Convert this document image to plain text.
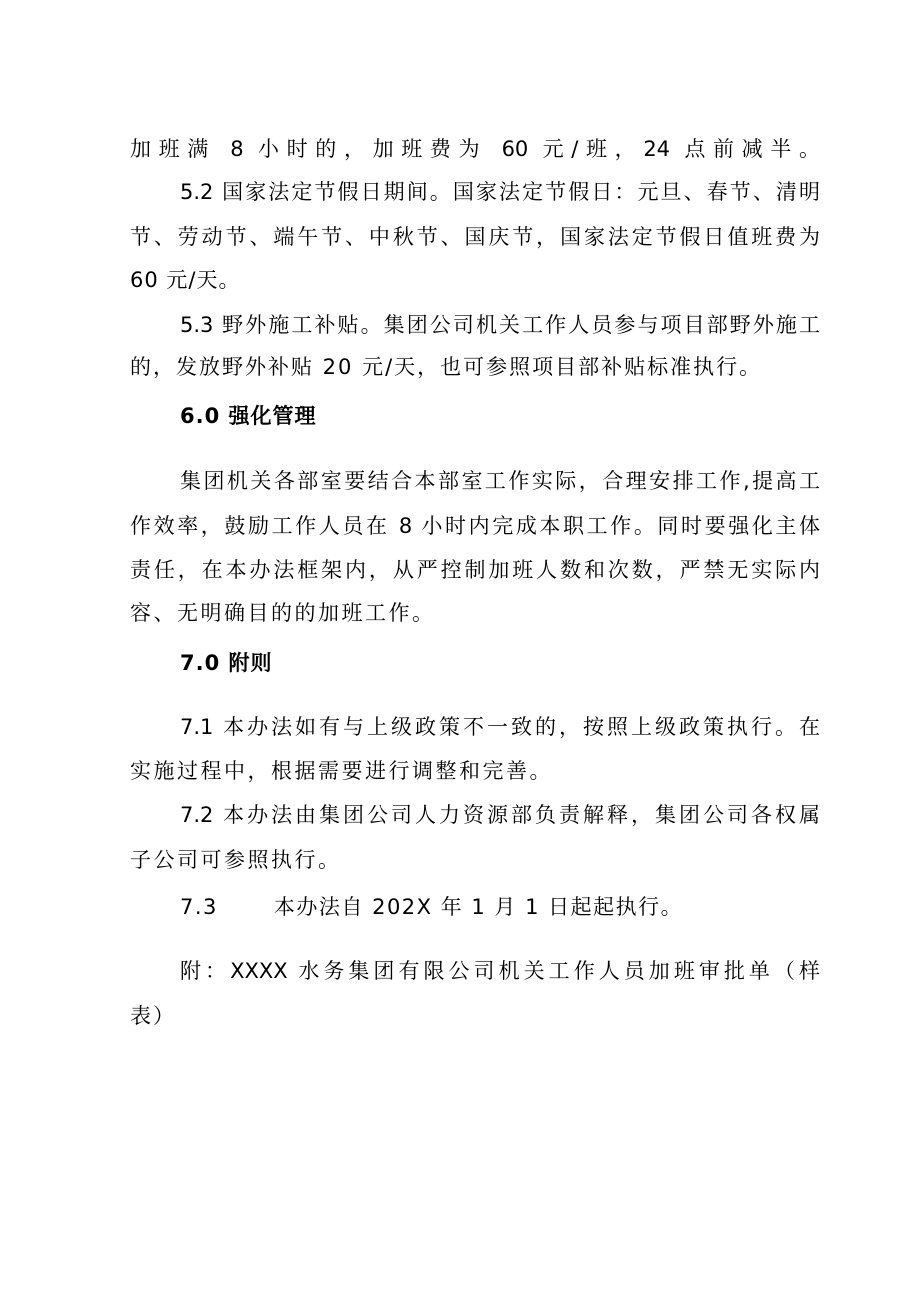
加班满 8 小时的，加班费为 60 元/班，24 点前减半。
5.2 国家法定节假日期间。国家法定节假日：元旦、春节、清明
节、劳动节、端午节、中秋节、国庆节，国家法定节假日值班费为
60 元/天。
5.3 野外施工补贴。集团公司机关工作人员参与项目部野外施工
的，发放野外补贴 20 元/天，也可参照项目部补贴标准执行。
6.0 强化管理
集团机关各部室要结合本部室工作实际，合理安排工作,提高工
作效率，鼓励工作人员在 8 小时内完成本职工作。同时要强化主体
责任，在本办法框架内，从严控制加班人数和次数，严禁无实际内
容、无明确目的的加班工作。
7.0 附则
7.1 本办法如有与上级政策不一致的，按照上级政策执行。在
实施过程中，根据需要进行调整和完善。
7.2 本办法由集团公司人力资源部负责解释，集团公司各权属
子公司可参照执行。
7.3	本办法自 202X 年 1 月 1 日起起执行。
附：XXXX 水务集团有限公司机关工作人员加班审批单（样
表）
